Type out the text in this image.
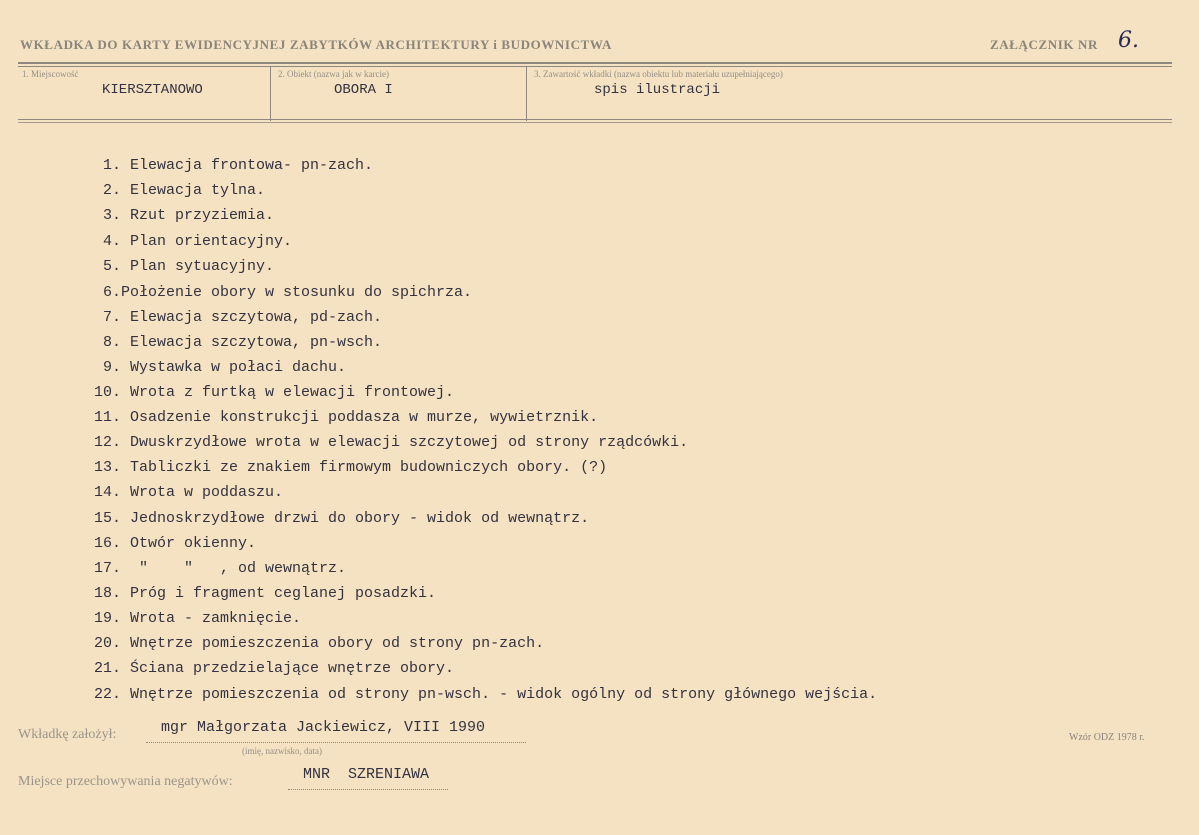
WKŁADKA DO KARTY EWIDENCYJNEJ ZABYTKÓW ARCHITEKTURY i BUDOWNICTWA	ZAŁĄCZNIK NR 6.
1. Miejscowość
KIERSZTANOWO
2. Obiekt (nazwa jak w karcie)
OBORA I
3. Zawartość wkładki (nazwa obiektu lub materiału uzupełniającego)
spis ilustracji
1. Elewacja frontowa- pn-zach.
2. Elewacja tylna.
3. Rzut przyziemia.
4. Plan orientacyjny.
5. Plan sytuacyjny.
6.Położenie obory w stosunku do spichrza.
7. Elewacja szczytowa, pd-zach.
8. Elewacja szczytowa, pn-wsch.
9. Wystawka w połaci dachu.
10. Wrota z furtką w elewacji frontowej.
11. Osadzenie konstrukcji poddasza w murze, wywietrznik.
12. Dwuskrzydłowe wrota w elewacji szczytowej od strony rządcówki.
13. Tabliczki ze znakiem firmowym budowniczych obory. (?)
14. Wrota w poddaszu.
15. Jednoskrzydłowe drzwi do obory - widok od wewnątrz.
16. Otwór okienny.
17.  "    "   , od wewnątrz.
18. Próg i fragment ceglanej posadzki.
19. Wrota - zamknięcie.
20. Wnętrze pomieszczenia obory od strony pn-zach.
21. Ściana przedzielające wnętrze obory.
22. Wnętrze pomieszczenia od strony pn-wsch. - widok ogólny od strony głównego wejścia.
Wkładkę założył:	mgr Małgorzata Jackiewicz, VIII 1990
(imię, nazwisko, data)
Miejsce przechowywania negatywów:	MNR  SZRENIAWA
Wzór ODZ 1978 r.
